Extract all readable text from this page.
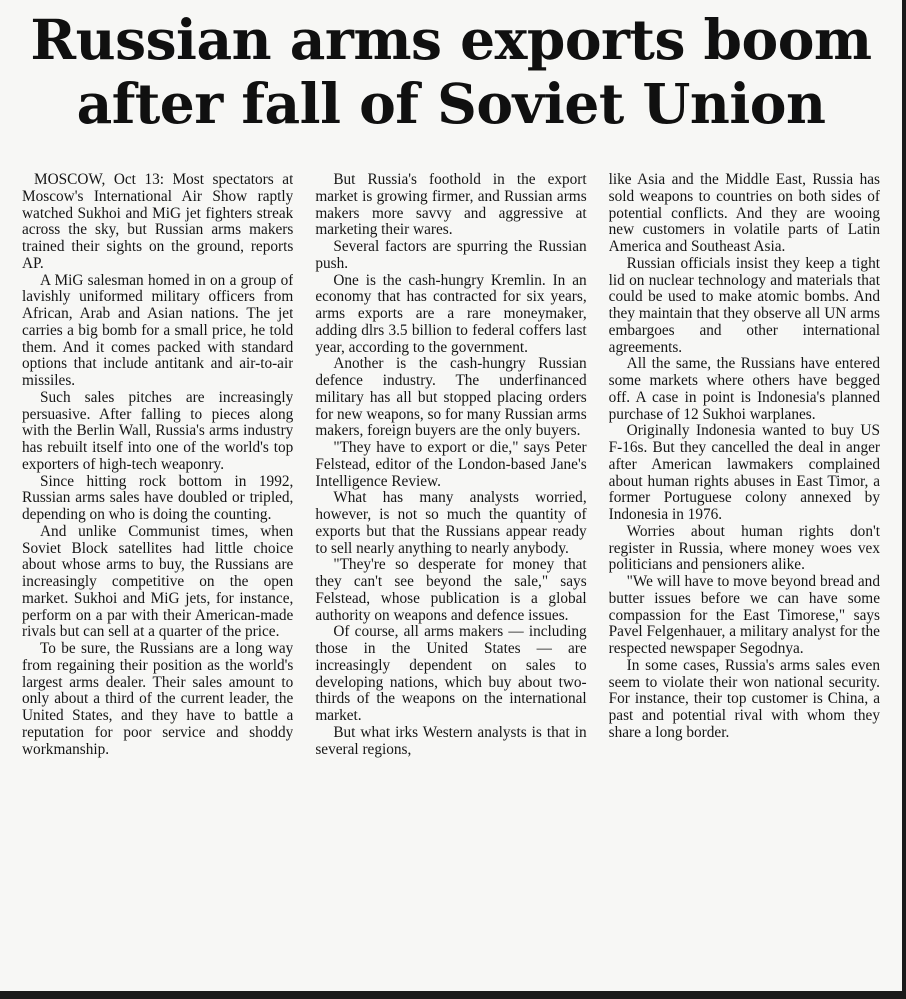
Russian arms exports boom
after fall of Soviet Union

MOSCOW, Oct 13: Most spectators at Moscow's International Air Show raptly watched Sukhoi and MiG jet fighters streak across the sky, but Russian arms makers trained their sights on the ground, reports AP.

A MiG salesman homed in on a group of lavishly uniformed military officers from African, Arab and Asian nations. The jet carries a big bomb for a small price, he told them. And it comes packed with standard options that include antitank and air-to-air missiles.

Such sales pitches are increasingly persuasive. After falling to pieces along with the Berlin Wall, Russia's arms industry has rebuilt itself into one of the world's top exporters of high-tech weaponry.

Since hitting rock bottom in 1992, Russian arms sales have doubled or tripled, depending on who is doing the counting.

And unlike Communist times, when Soviet Block satellites had little choice about whose arms to buy, the Russians are increasingly competitive on the open market. Sukhoi and MiG jets, for instance, perform on a par with their American-made rivals but can sell at a quarter of the price.

To be sure, the Russians are a long way from regaining their position as the world's largest arms dealer. Their sales amount to only about a third of the current leader, the United States, and they have to battle a reputation for poor service and shoddy workmanship.

But Russia's foothold in the export market is growing firmer, and Russian arms makers more savvy and aggressive at marketing their wares.

Several factors are spurring the Russian push.

One is the cash-hungry Kremlin. In an economy that has contracted for six years, arms exports are a rare moneymaker, adding dlrs 3.5 billion to federal coffers last year, according to the government.

Another is the cash-hungry Russian defence industry. The underfinanced military has all but stopped placing orders for new weapons, so for many Russian arms makers, foreign buyers are the only buyers.

"They have to export or die," says Peter Felstead, editor of the London-based Jane's Intelligence Review.

What has many analysts worried, however, is not so much the quantity of exports but that the Russians appear ready to sell nearly anything to nearly anybody.

"They're so desperate for money that they can't see beyond the sale," says Felstead, whose publication is a global authority on weapons and defence issues.

Of course, all arms makers — including those in the United States — are increasingly dependent on sales to developing nations, which buy about two-thirds of the weapons on the international market.

But what irks Western analysts is that in several regions,

like Asia and the Middle East, Russia has sold weapons to countries on both sides of potential conflicts. And they are wooing new customers in volatile parts of Latin America and Southeast Asia.

Russian officials insist they keep a tight lid on nuclear technology and materials that could be used to make atomic bombs. And they maintain that they observe all UN arms embargoes and other international agreements.

All the same, the Russians have entered some markets where others have begged off. A case in point is Indonesia's planned purchase of 12 Sukhoi warplanes.

Originally Indonesia wanted to buy US F-16s. But they cancelled the deal in anger after American lawmakers complained about human rights abuses in East Timor, a former Portuguese colony annexed by Indonesia in 1976.

Worries about human rights don't register in Russia, where money woes vex politicians and pensioners alike.

"We will have to move beyond bread and butter issues before we can have some compassion for the East Timorese," says Pavel Felgenhauer, a military analyst for the respected newspaper Segodnya.

In some cases, Russia's arms sales even seem to violate their won national security. For instance, their top customer is China, a past and potential rival with whom they share a long border.
